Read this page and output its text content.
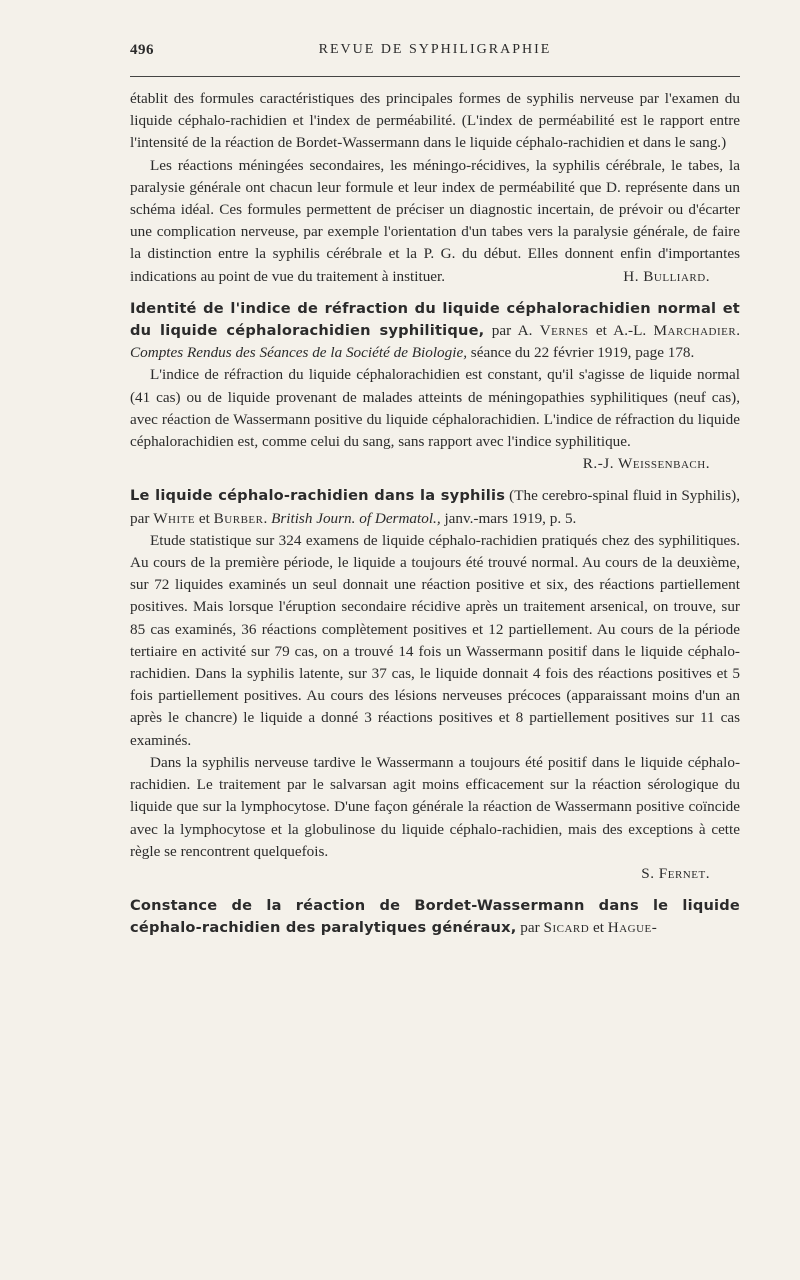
496	REVUE DE SYPHILIGRAPHIE

établit des formules caractéristiques des principales formes de syphilis nerveuse par l'examen du liquide céphalo-rachidien et l'index de perméabilité. (L'index de perméabilité est le rapport entre l'intensité de la réaction de Bordet-Wassermann dans le liquide céphalo-rachidien et dans le sang.)

Les réactions méningées secondaires, les méningo-récidives, la syphilis cérébrale, le tabes, la paralysie générale ont chacun leur formule et leur index de perméabilité que D. représente dans un schéma idéal. Ces formules permettent de préciser un diagnostic incertain, de prévoir ou d'écarter une complication nerveuse, par exemple l'orientation d'un tabes vers la paralysie générale, de faire la distinction entre la syphilis cérébrale et la P. G. du début. Elles donnent enfin d'importantes indications au point de vue du traitement à instituer.	H. Bulliard.

Identité de l'indice de réfraction du liquide céphalorachidien normal et du liquide céphalorachidien syphilitique, par A. Vernes et A.-L. Marchadier. Comptes Rendus des Séances de la Société de Biologie, séance du 22 février 1919, page 178.

L'indice de réfraction du liquide céphalorachidien est constant, qu'il s'agisse de liquide normal (41 cas) ou de liquide provenant de malades atteints de méningopathies syphilitiques (neuf cas), avec réaction de Wassermann positive du liquide céphalorachidien. L'indice de réfraction du liquide céphalorachidien est, comme celui du sang, sans rapport avec l'indice syphilitique.
R.-J. Weissenbach.

Le liquide céphalo-rachidien dans la syphilis (The cerebro-spinal fluid in Syphilis), par White et Burber. British Journ. of Dermatol., janv.-mars 1919, p. 5.

Etude statistique sur 324 examens de liquide céphalo-rachidien pratiqués chez des syphilitiques. Au cours de la première période, le liquide a toujours été trouvé normal. Au cours de la deuxième, sur 72 liquides examinés un seul donnait une réaction positive et six, des réactions partiellement positives. Mais lorsque l'éruption secondaire récidive après un traitement arsenical, on trouve, sur 85 cas examinés, 36 réactions complètement positives et 12 partiellement. Au cours de la période tertiaire en activité sur 79 cas, on a trouvé 14 fois un Wassermann positif dans le liquide céphalo-rachidien. Dans la syphilis latente, sur 37 cas, le liquide donnait 4 fois des réactions positives et 5 fois partiellement positives. Au cours des lésions nerveuses précoces (apparaissant moins d'un an après le chancre) le liquide a donné 3 réactions positives et 8 partiellement positives sur 11 cas examinés.

Dans la syphilis nerveuse tardive le Wassermann a toujours été positif dans le liquide céphalo-rachidien. Le traitement par le salvarsan agit moins efficacement sur la réaction sérologique du liquide que sur la lymphocytose. D'une façon générale la réaction de Wassermann positive coïncide avec la lymphocytose et la globulinose du liquide céphalo-rachidien, mais des exceptions à cette règle se rencontrent quelquefois.

S. Fernet.

Constance de la réaction de Bordet-Wassermann dans le liquide céphalo-rachidien des paralytiques généraux, par Sicard et Hague-
